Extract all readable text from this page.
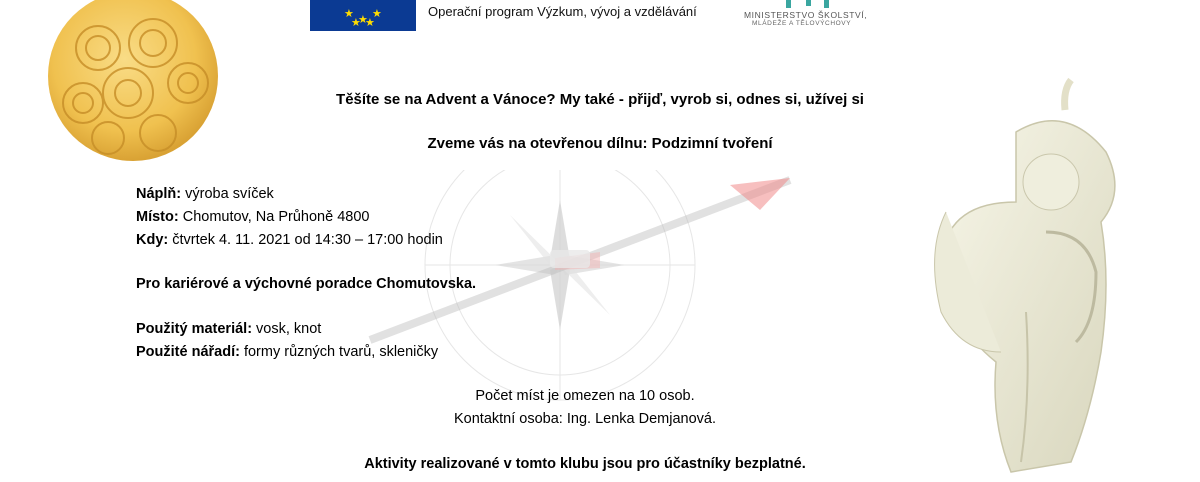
★ ★ ★
★ ★
Operační program Výzkum, vývoj a vzdělávání	MINISTERSTVO ŠKOLSTVÍ,
MLÁDEŽE A TĚLOVÝCHOVY
Těšíte se na Advent a Vánoce? My také - přijď, vyrob si, odnes si, užívej si
Zveme vás na otevřenou dílnu: Podzimní tvoření
Náplň: výroba svíček
Místo: Chomutov, Na Průhoně 4800
Kdy: čtvrtek 4. 11. 2021 od 14:30 – 17:00 hodin
Pro kariérové a výchovné poradce Chomutovska.
Použitý materiál: vosk, knot
Použité nářadí: formy různých tvarů, skleničky
Počet míst je omezen na 10 osob.
Kontaktní osoba: Ing. Lenka Demjanová.
Aktivity realizované v tomto klubu jsou pro účastníky bezplatné.
